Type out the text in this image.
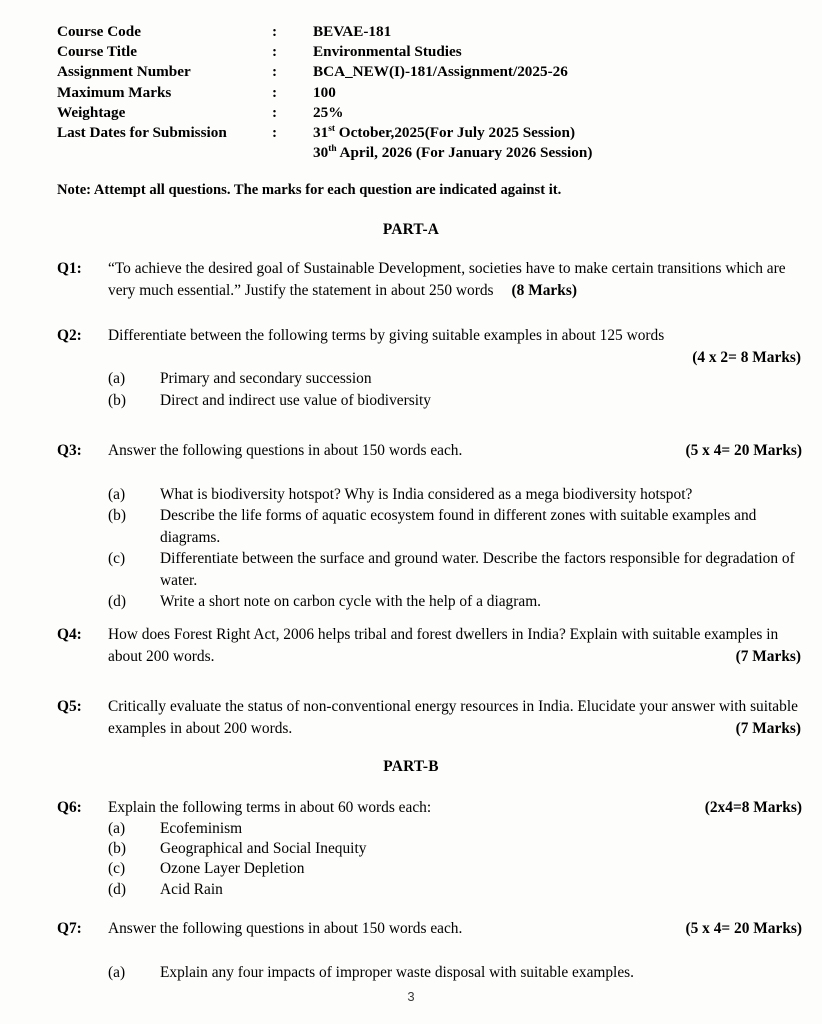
Course Code	:	BEVAE-181
Course Title	:	Environmental Studies
Assignment Number	:	BCA_NEW(I)-181/Assignment/2025-26
Maximum Marks	:	100
Weightage	:	25%
Last Dates for Submission	:	31st October,2025(For July 2025 Session)
30th April, 2026 (For January 2026 Session)
Note: Attempt all questions. The marks for each question are indicated against it.
PART-A
Q1: “To achieve the desired goal of Sustainable Development, societies have to make certain transitions which are very much essential.” Justify the statement in about 250 words (8 Marks)
Q2: Differentiate between the following terms by giving suitable examples in about 125 words
(4 x 2= 8 Marks)
(a) Primary and secondary succession
(b) Direct and indirect use value of biodiversity
Q3: Answer the following questions in about 150 words each.	(5 x 4= 20 Marks)
(a) What is biodiversity hotspot? Why is India considered as a mega biodiversity hotspot?
(b) Describe the life forms of aquatic ecosystem found in different zones with suitable examples and diagrams.
(c) Differentiate between the surface and ground water. Describe the factors responsible for degradation of water.
(d) Write a short note on carbon cycle with the help of a diagram.
Q4: How does Forest Right Act, 2006 helps tribal and forest dwellers in India? Explain with suitable examples in about 200 words.	(7 Marks)
Q5: Critically evaluate the status of non-conventional energy resources in India. Elucidate your answer with suitable examples in about 200 words.	(7 Marks)
PART-B
Q6: Explain the following terms in about 60 words each:	(2x4=8 Marks)
(a) Ecofeminism
(b) Geographical and Social Inequity
(c) Ozone Layer Depletion
(d) Acid Rain
Q7: Answer the following questions in about 150 words each.	(5 x 4= 20 Marks)
(a) Explain any four impacts of improper waste disposal with suitable examples.
3
